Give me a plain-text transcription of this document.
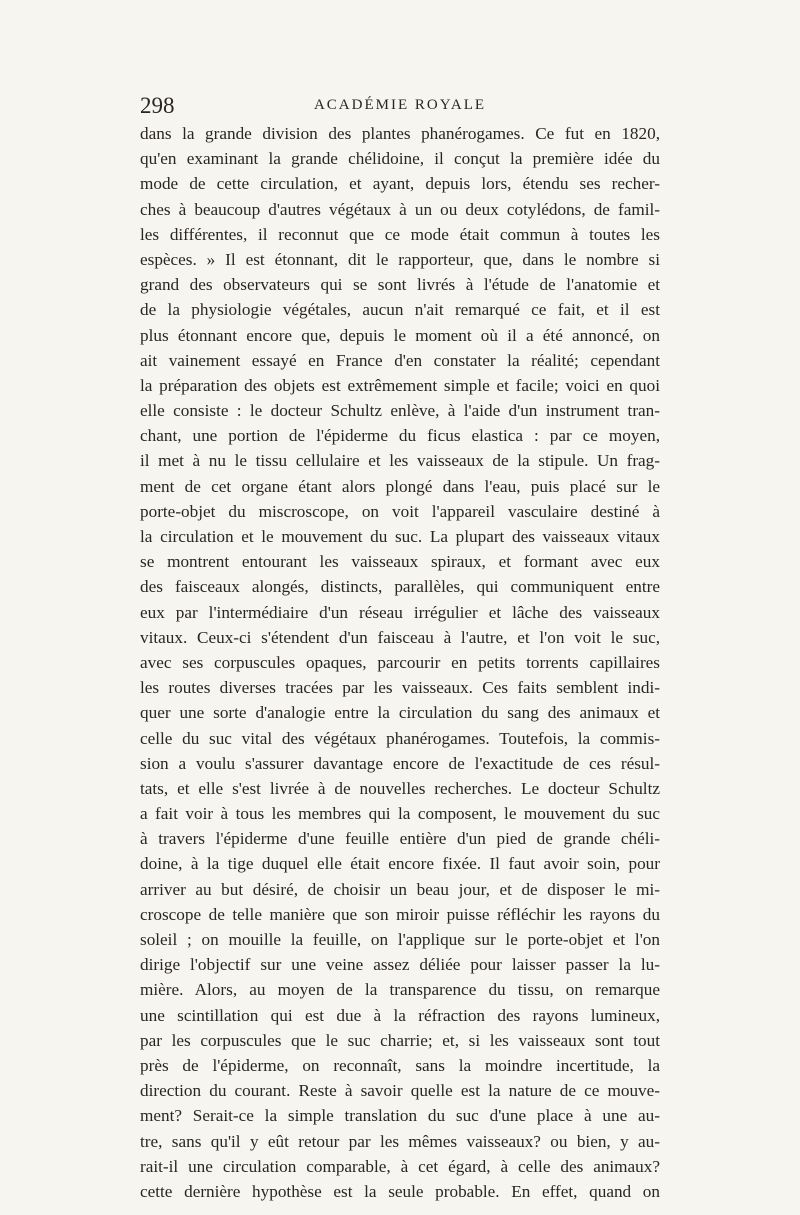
298	ACADÉMIE ROYALE
dans la grande division des plantes phanérogames. Ce fut en 1820,
qu'en examinant la grande chélidoine, il conçut la première idée du
mode de cette circulation, et ayant, depuis lors, étendu ses recher-
ches à beaucoup d'autres végétaux à un ou deux cotylédons, de famil-
les différentes, il reconnut que ce mode était commun à toutes les
espèces. » Il est étonnant, dit le rapporteur, que, dans le nombre si
grand des observateurs qui se sont livrés à l'étude de l'anatomie et
de la physiologie végétales, aucun n'ait remarqué ce fait, et il est
plus étonnant encore que, depuis le moment où il a été annoncé, on
ait vainement essayé en France d'en constater la réalité; cependant
la préparation des objets est extrêmement simple et facile; voici en quoi
elle consiste : le docteur Schultz enlève, à l'aide d'un instrument tran-
chant, une portion de l'épiderme du ficus elastica : par ce moyen,
il met à nu le tissu cellulaire et les vaisseaux de la stipule. Un frag-
ment de cet organe étant alors plongé dans l'eau, puis placé sur le
porte-objet du miscroscope, on voit l'appareil vasculaire destiné à
la circulation et le mouvement du suc. La plupart des vaisseaux vitaux
se montrent entourant les vaisseaux spiraux, et formant avec eux
des faisceaux alongés, distincts, parallèles, qui communiquent entre
eux par l'intermédiaire d'un réseau irrégulier et lâche des vaisseaux
vitaux. Ceux-ci s'étendent d'un faisceau à l'autre, et l'on voit le suc,
avec ses corpuscules opaques, parcourir en petits torrents capillaires
les routes diverses tracées par les vaisseaux. Ces faits semblent indi-
quer une sorte d'analogie entre la circulation du sang des animaux et
celle du suc vital des végétaux phanérogames. Toutefois, la commis-
sion a voulu s'assurer davantage encore de l'exactitude de ces résul-
tats, et elle s'est livrée à de nouvelles recherches. Le docteur Schultz
a fait voir à tous les membres qui la composent, le mouvement du suc
à travers l'épiderme d'une feuille entière d'un pied de grande chéli-
doine, à la tige duquel elle était encore fixée. Il faut avoir soin, pour
arriver au but désiré, de choisir un beau jour, et de disposer le mi-
croscope de telle manière que son miroir puisse réfléchir les rayons du
soleil ; on mouille la feuille, on l'applique sur le porte-objet et l'on
dirige l'objectif sur une veine assez déliée pour laisser passer la lu-
mière. Alors, au moyen de la transparence du tissu, on remarque
une scintillation qui est due à la réfraction des rayons lumineux,
par les corpuscules que le suc charrie; et, si les vaisseaux sont tout
près de l'épiderme, on reconnaît, sans la moindre incertitude, la
direction du courant. Reste à savoir quelle est la nature de ce mouve-
ment? Serait-ce la simple translation du suc d'une place à une au-
tre, sans qu'il y eût retour par les mêmes vaisseaux? ou bien, y au-
rait-il une circulation comparable, à cet égard, à celle des animaux?
cette dernière hypothèse est la seule probable. En effet, quand on
